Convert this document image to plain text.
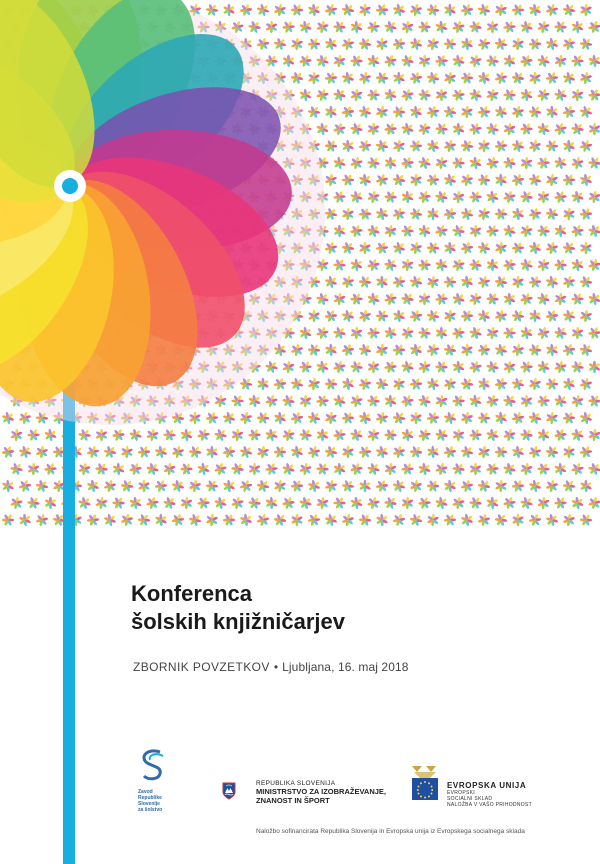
Konferenca
šolskih knjižničarjev
ZBORNIK POVZETKOV • Ljubljana, 16. maj 2018
Zavod
Republike
Slovenije
za šolstvo
REPUBLIKA SLOVENIJA
MINISTRSTVO ZA IZOBRAŽEVANJE,
ZNANOST IN ŠPORT
EVROPSKA UNIJA
EVROPSKI
SOCIALNI SKLAD
NALOŽBA V VAŠO PRIHODNOST
Naložbo sofinancirata Republika Slovenija in Evropska unija iz Evropskega socialnega sklada
